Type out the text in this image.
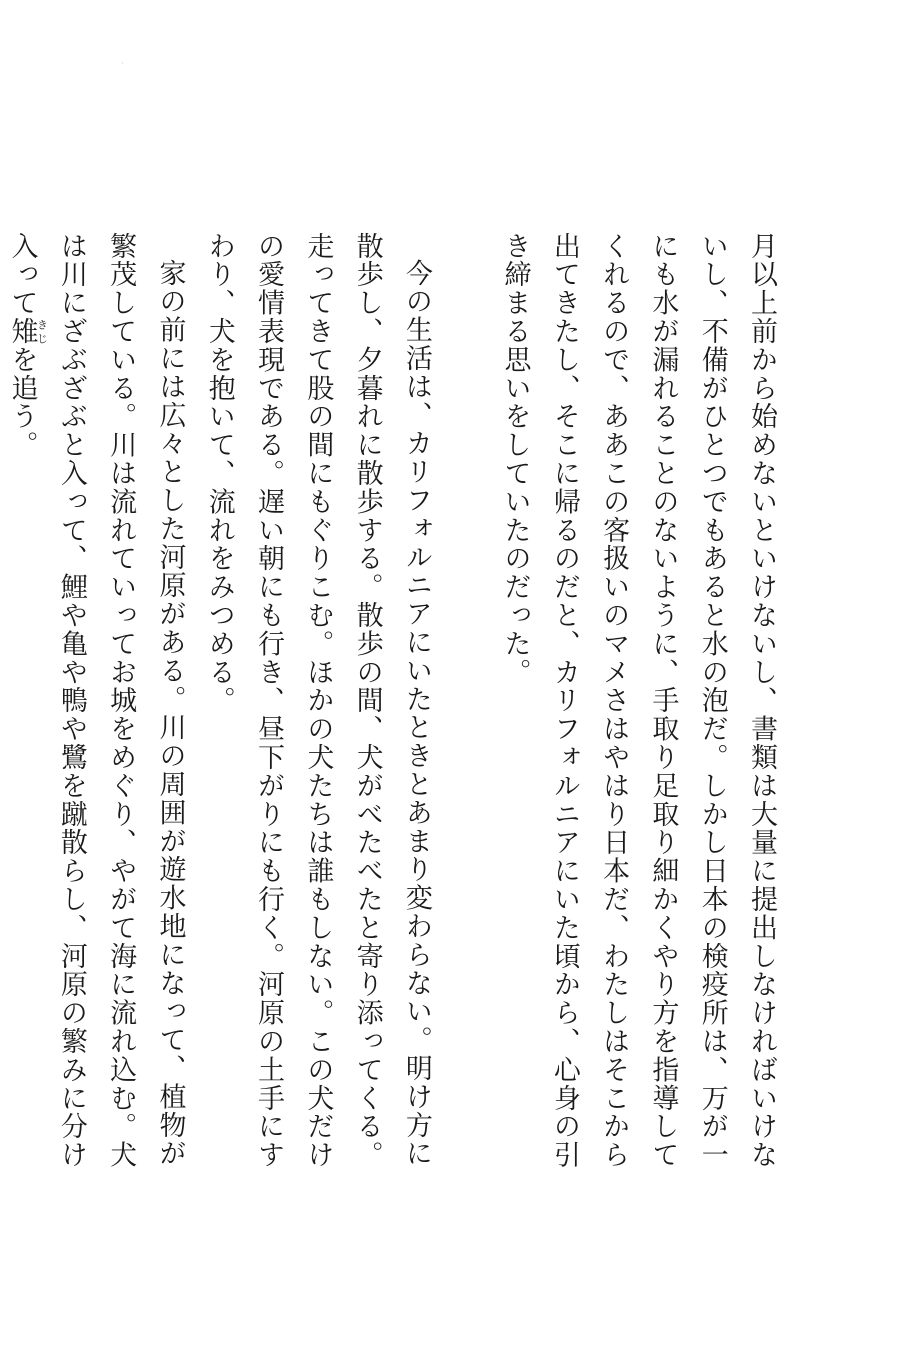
月以上前から始めないといけないし、書類は大量に提出しなければいけないし、不備がひとつでもあると水の泡だ。しかし日本の検疫所は、万が一にも水が漏れることのないように、手取り足取り細かくやり方を指導してくれるので、ああこの客扱いのマメさはやはり日本だ、わたしはそこから出てきたし、そこに帰るのだと、カリフォルニアにいた頃から、心身の引き締まる思いをしていたのだった。

今の生活は、カリフォルニアにいたときとあまり変わらない。明け方に散歩し、夕暮れに散歩する。散歩の間、犬がべたべたと寄り添ってくる。走ってきて股の間にもぐりこむ。ほかの犬たちは誰もしない。この犬だけの愛情表現である。遅い朝にも行き、昼下がりにも行く。河原の土手にすわり、犬を抱いて、流れをみつめる。

家の前には広々とした河原がある。川の周囲が遊水地になって、植物が繁茂している。川は流れていってお城をめぐり、やがて海に流れ込む。犬は川にざぶざぶと入って、鯉や亀や鴨や鷺を蹴散らし、河原の繁みに分け入って雉きじを追う。
